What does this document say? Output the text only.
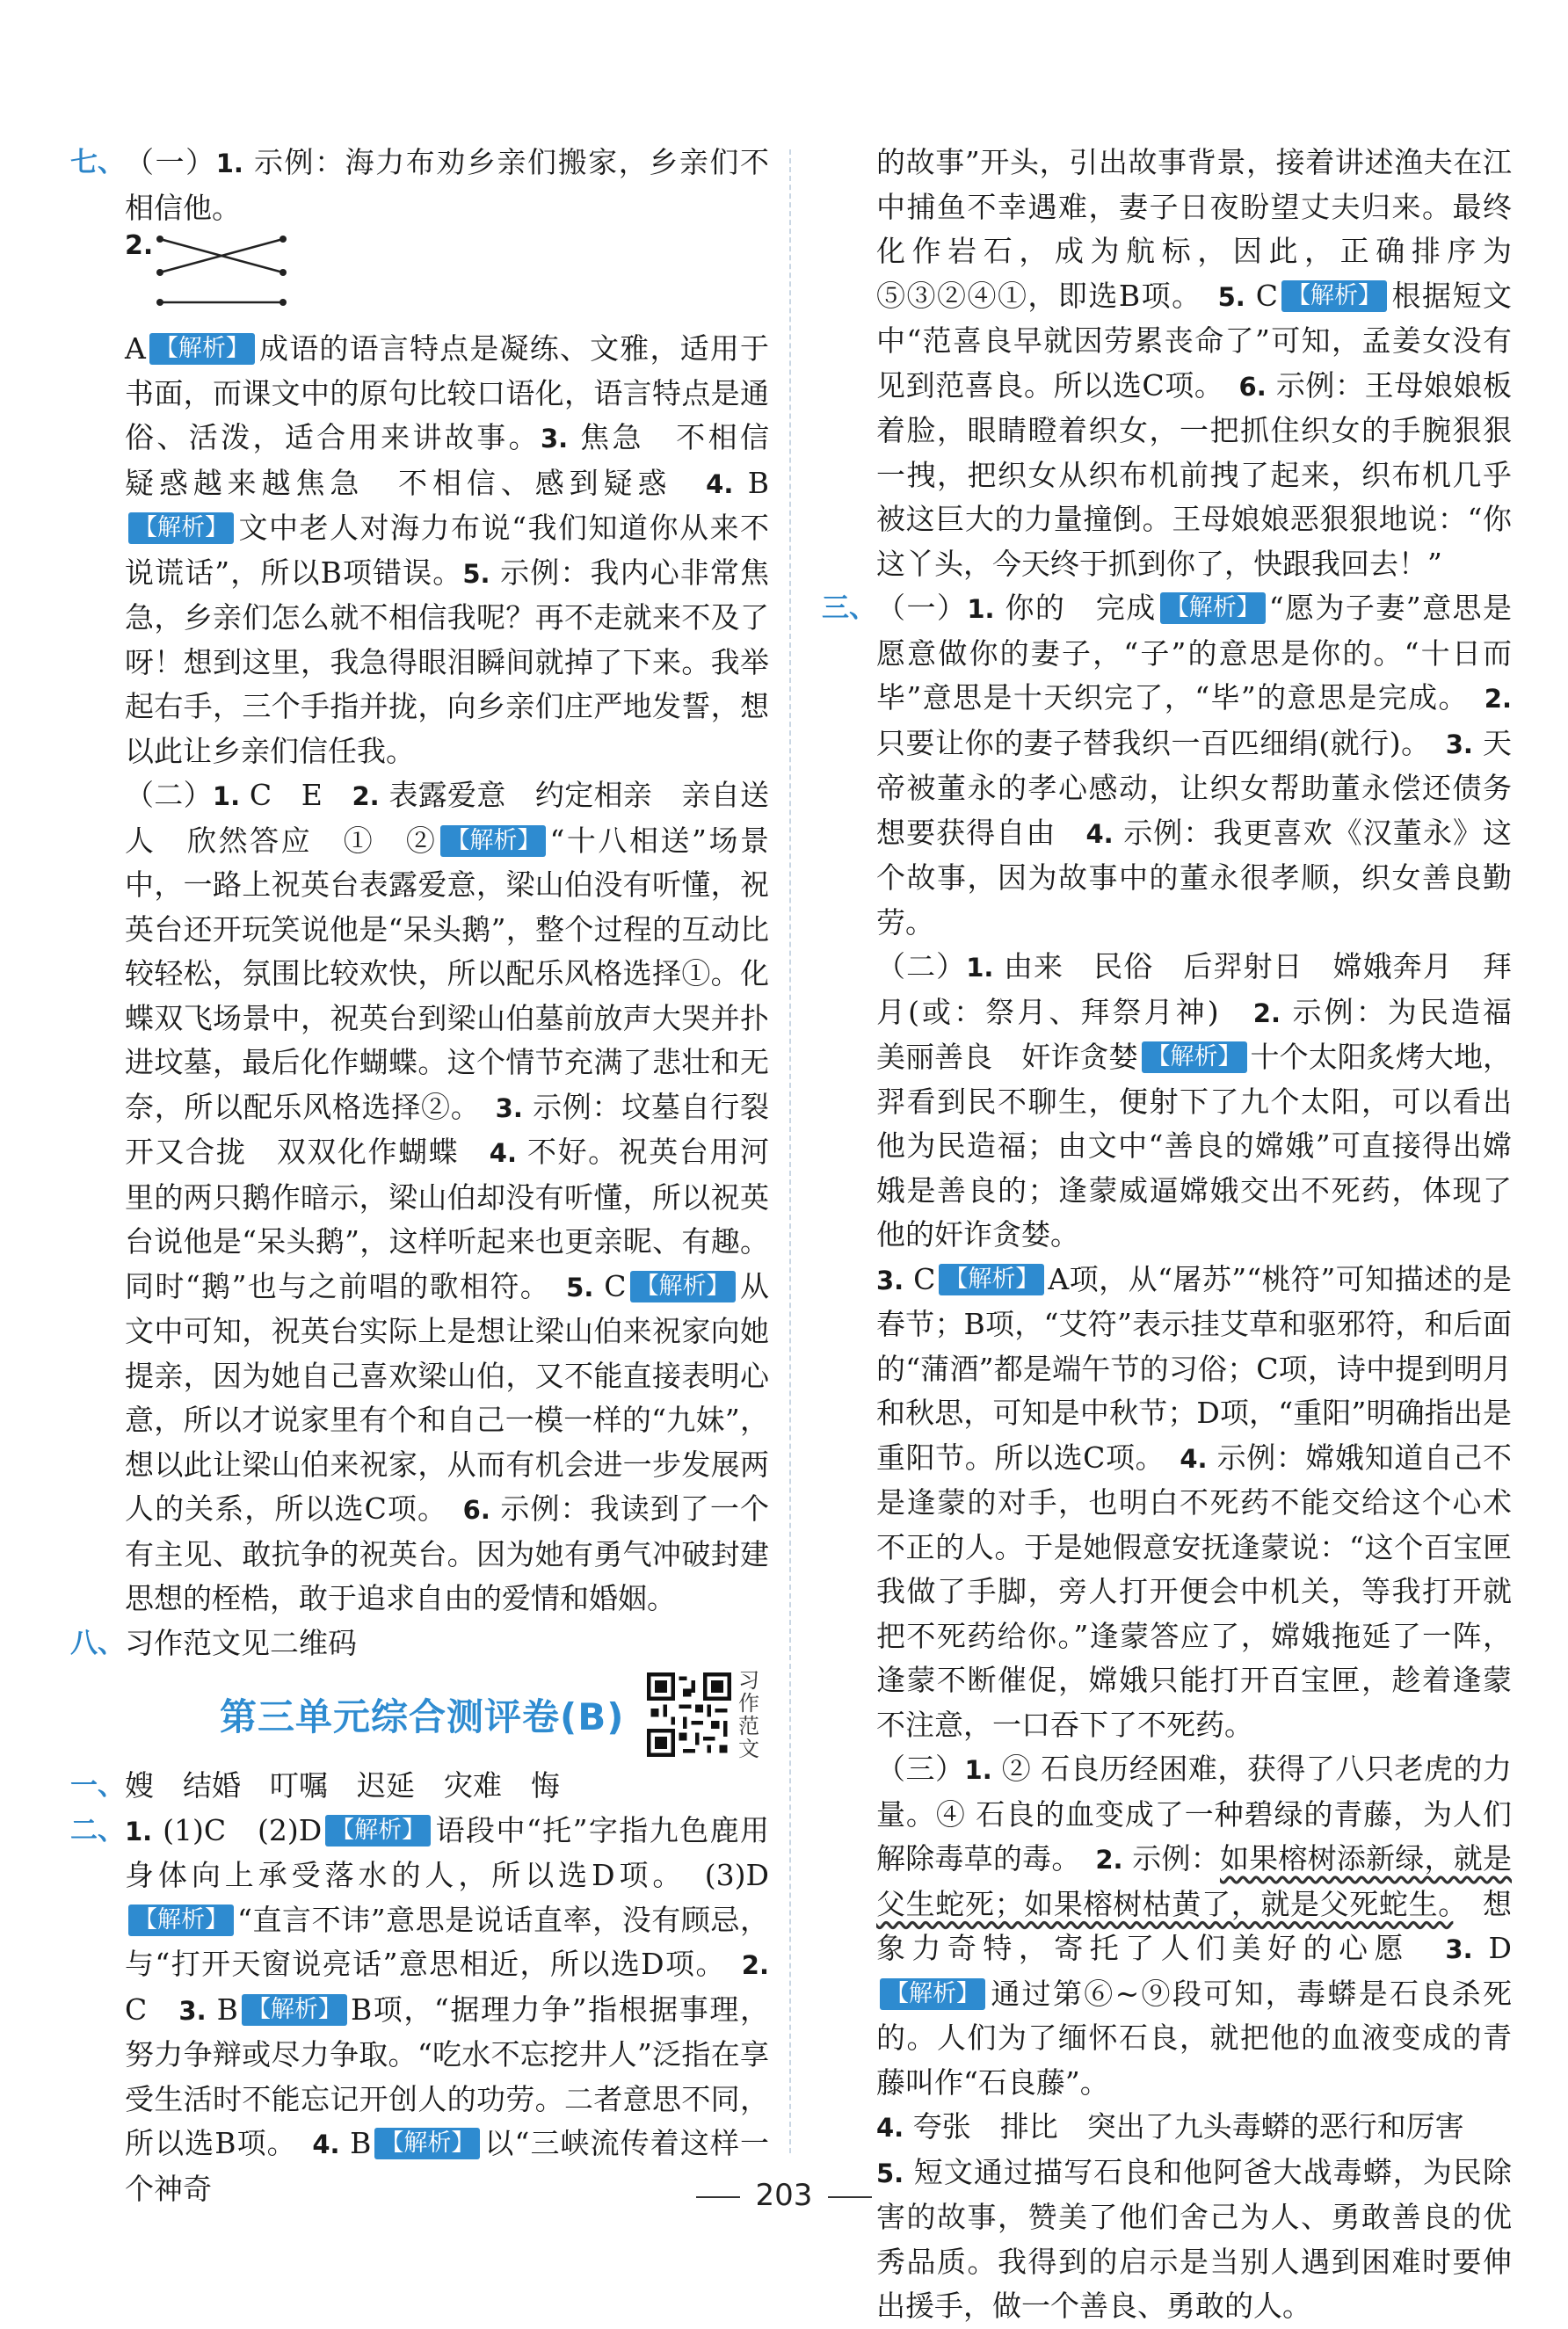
七、 （一）1. 示例：海力布劝乡亲们搬家，乡亲们不相信他。
2.
A 【解析】 成语的语言特点是凝练、文雅，适用于书面，而课文中的原句比较口语化，语言特点是通俗、活泼，适合用来讲故事。3. 焦急　不相信　疑惑越来越焦急　不相信、感到疑惑　4. B【解析】 文中老人对海力布说“我们知道你从来不说谎话”，所以B项错误。5. 示例：我内心非常焦急，乡亲们怎么就不相信我呢？再不走就来不及了呀！想到这里，我急得眼泪瞬间就掉了下来。我举起右手，三个手指并拢，向乡亲们庄严地发誓，想以此让乡亲们信任我。
（二）1. C　E　2. 表露爱意　约定相亲　亲自送人　欣然答应　①　② 【解析】 “十八相送”场景中，一路上祝英台表露爱意，梁山伯没有听懂，祝英台还开玩笑说他是“呆头鹅”，整个过程的互动比较轻松，氛围比较欢快，所以配乐风格选择①。化蝶双飞场景中，祝英台到梁山伯墓前放声大哭并扑进坟墓，最后化作蝴蝶。这个情节充满了悲壮和无奈，所以配乐风格选择②。　3. 示例：坟墓自行裂开又合拢　双双化作蝴蝶　4. 不好。祝英台用河里的两只鹅作暗示，梁山伯却没有听懂，所以祝英台说他是“呆头鹅”，这样听起来也更亲昵、有趣。同时“鹅”也与之前唱的歌相符。　5. C 【解析】 从文中可知，祝英台实际上是想让梁山伯来祝家向她提亲，因为她自己喜欢梁山伯，又不能直接表明心意，所以才说家里有个和自己一模一样的“九妹”，想以此让梁山伯来祝家，从而有机会进一步发展两人的关系，所以选C项。　6. 示例：我读到了一个有主见、敢抗争的祝英台。因为她有勇气冲破封建思想的桎梏，敢于追求自由的爱情和婚姻。
八、 习作范文见二维码
第三单元综合测评卷(B)
习作范文
一、 嫂　结婚　叮嘱　迟延　灾难　悔
二、 1. (1)C　(2)D 【解析】 语段中“托”字指九色鹿用身体向上承受落水的人，所以选D项。　(3)D【解析】 “直言不讳”意思是说话直率，没有顾忌，与“打开天窗说亮话”意思相近，所以选D项。　2. C　3. B 【解析】 B项，“据理力争”指根据事理，努力争辩或尽力争取。“吃水不忘挖井人”泛指在享受生活时不能忘记开创人的功劳。二者意思不同，所以选B项。　4. B 【解析】 以“三峡流传着这样一个神奇
的故事”开头，引出故事背景，接着讲述渔夫在江中捕鱼不幸遇难，妻子日夜盼望丈夫归来。最终化作岩石，成为航标，因此，正确排序为⑤③②④①，即选B项。　5. C 【解析】 根据短文中“范喜良早就因劳累丧命了”可知，孟姜女没有见到范喜良。所以选C项。　6. 示例：王母娘娘板着脸，眼睛瞪着织女，一把抓住织女的手腕狠狠一拽，把织女从织布机前拽了起来，织布机几乎被这巨大的力量撞倒。王母娘娘恶狠狠地说：“你这丫头，今天终于抓到你了，快跟我回去！”
三、 （一）1. 你的　完成 【解析】 “愿为子妻”意思是愿意做你的妻子，“子”的意思是你的。“十日而毕”意思是十天织完了，“毕”的意思是完成。　2. 只要让你的妻子替我织一百匹细绢(就行)。　3. 天帝被董永的孝心感动，让织女帮助董永偿还债务　想要获得自由　4. 示例：我更喜欢《汉董永》这个故事，因为故事中的董永很孝顺，织女善良勤劳。
（二）1. 由来　民俗　后羿射日　嫦娥奔月　拜月(或：祭月、拜祭月神)　2. 示例：为民造福　美丽善良　奸诈贪婪 【解析】 十个太阳炙烤大地，羿看到民不聊生，便射下了九个太阳，可以看出他为民造福；由文中“善良的嫦娥”可直接得出嫦娥是善良的；逢蒙威逼嫦娥交出不死药，体现了他的奸诈贪婪。
3. C 【解析】 A项，从“屠苏”“桃符”可知描述的是春节；B项，“艾符”表示挂艾草和驱邪符，和后面的“蒲酒”都是端午节的习俗；C项，诗中提到明月和秋思，可知是中秋节；D项，“重阳”明确指出是重阳节。所以选C项。　4. 示例：嫦娥知道自己不是逢蒙的对手，也明白不死药不能交给这个心术不正的人。于是她假意安抚逢蒙说：“这个百宝匣我做了手脚，旁人打开便会中机关，等我打开就把不死药给你。”逢蒙答应了，嫦娥拖延了一阵，逢蒙不断催促，嫦娥只能打开百宝匣，趁着逢蒙不注意，一口吞下了不死药。
（三）1. ② 石良历经困难，获得了八只老虎的力量。④ 石良的血变成了一种碧绿的青藤，为人们解除毒草的毒。　2. 示例：如果榕树添新绿，就是父生蛇死；如果榕树枯黄了，就是父死蛇生。　想象力奇特，寄托了人们美好的心愿　3. D【解析】 通过第⑥~⑨段可知，毒蟒是石良杀死的。人们为了缅怀石良，就把他的血液变成的青藤叫作“石良藤”。
4. 夸张　排比　突出了九头毒蟒的恶行和厉害
5. 短文通过描写石良和他阿爸大战毒蟒，为民除害的故事，赞美了他们舍己为人、勇敢善良的优秀品质。我得到的启示是当别人遇到困难时要伸出援手，做一个善良、勇敢的人。
203
